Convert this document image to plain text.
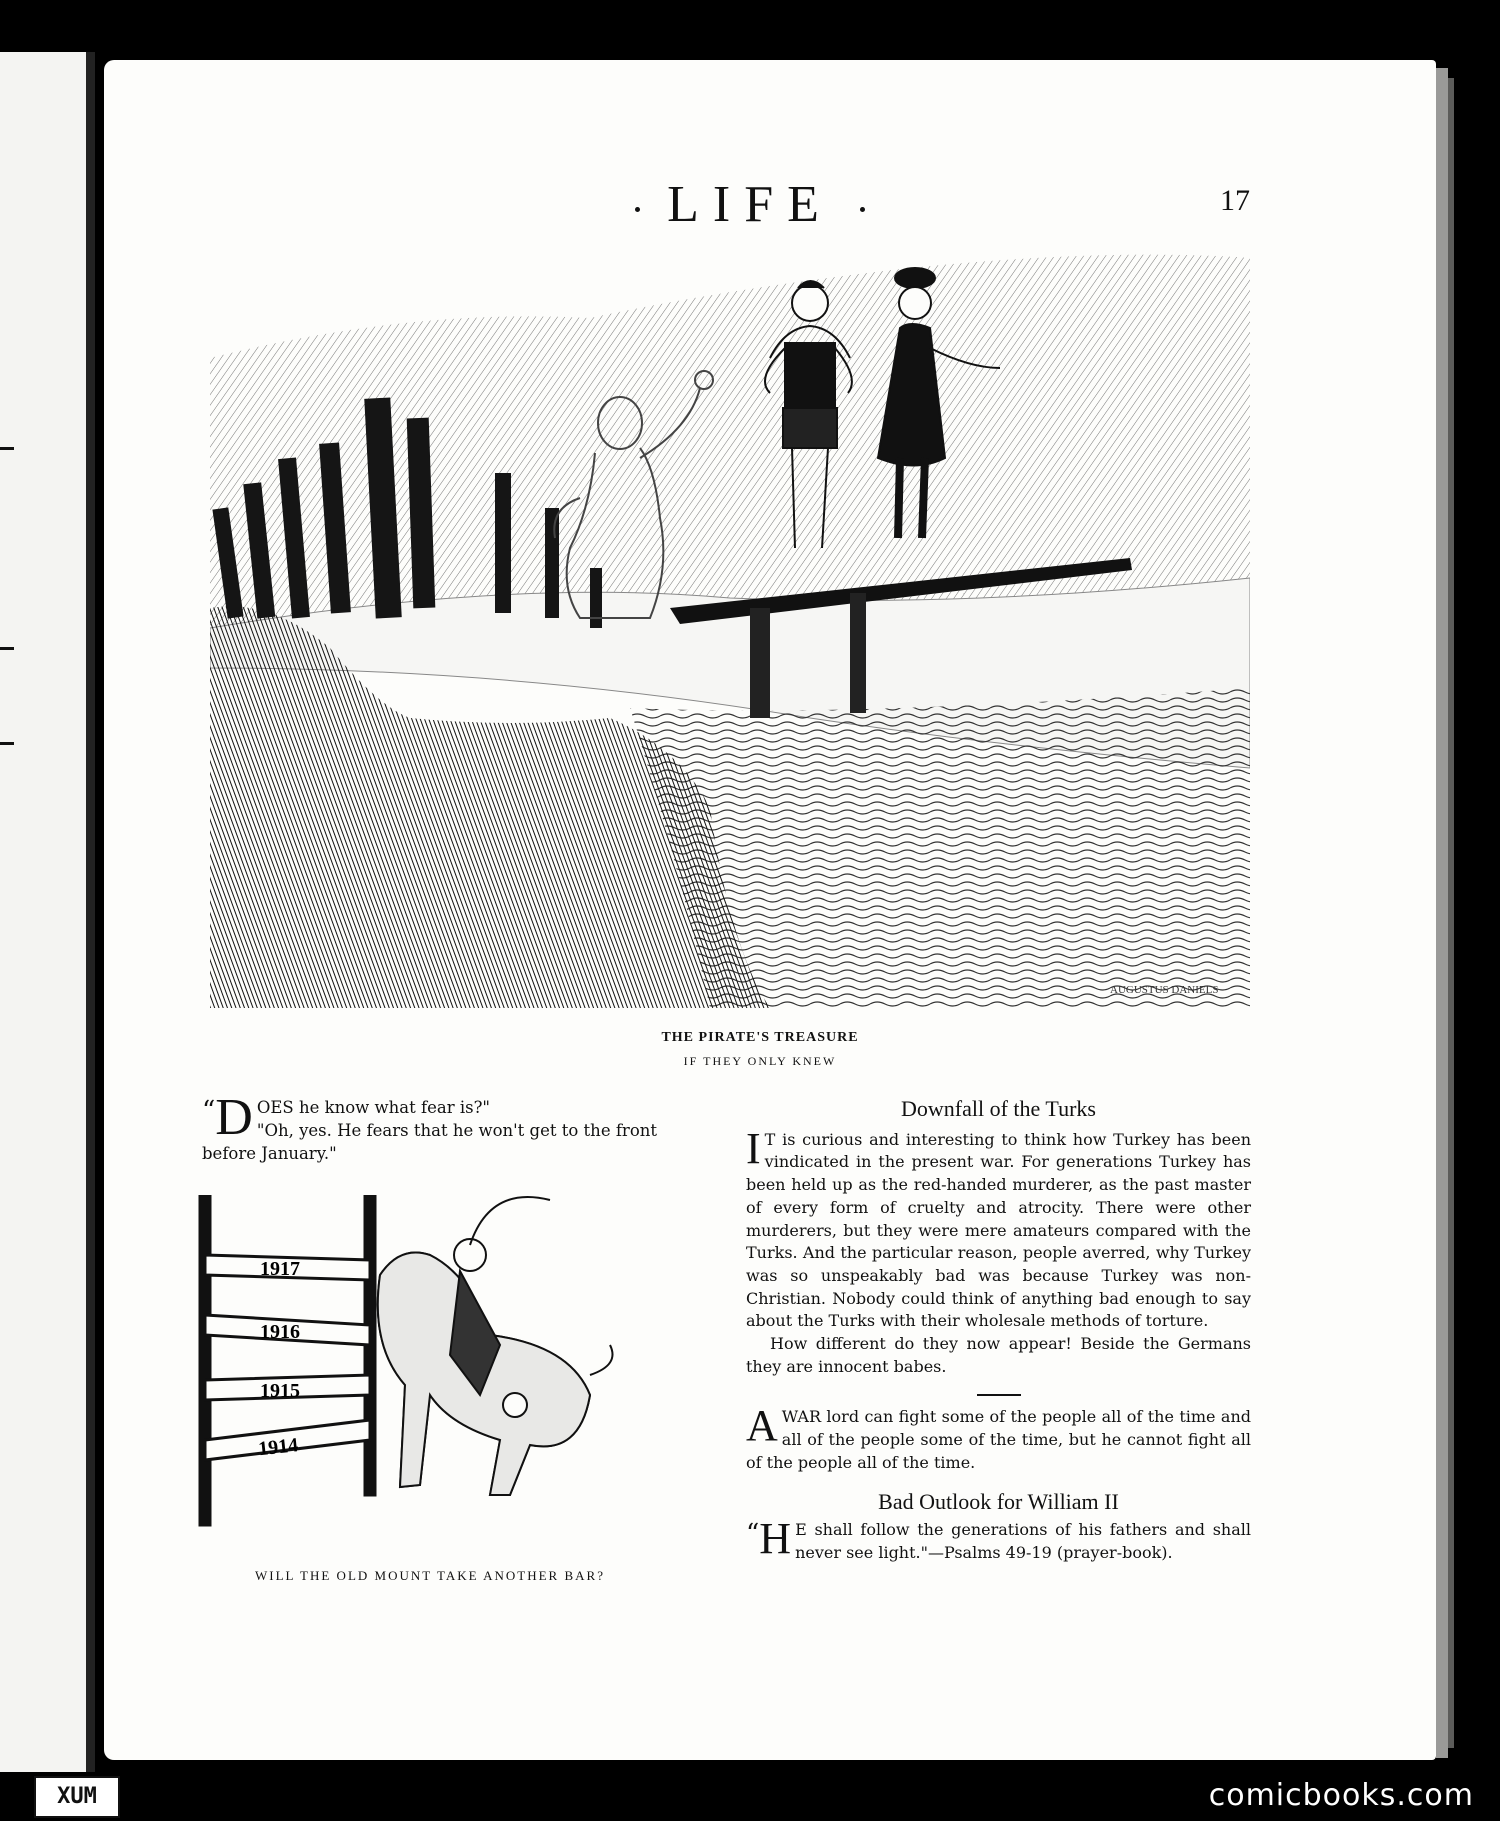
LIFE	17
AUGUSTUS DANIELS
THE PIRATE'S TREASURE
IF THEY ONLY KNEW
“ D OES he know what fear is?"
"Oh, yes. He fears that he won't get to the front before January."
1917
1916
1915
1914
WILL THE OLD MOUNT TAKE ANOTHER BAR?
Downfall of the Turks

I T is curious and interesting to think how Turkey has been vindicated in the present war. For generations Turkey has been held up as the red-handed murderer, as the past master of every form of cruelty and atrocity. There were other murderers, but they were mere amateurs compared with the Turks. And the particular reason, people averred, why Turkey was so unspeakably bad was because Turkey was non-Christian. Nobody could think of anything bad enough to say about the Turks with their wholesale methods of torture.

How different do they now appear! Beside the Germans they are innocent babes.

AWAR lord can fight some of the people all of the time and all of the people some of the time, but he cannot fight all of the people all of the time.

Bad Outlook for William II

“ H E shall follow the generations of his fathers and shall never see light."—Psalms 49-19 (prayer-book).

XUM	comicbooks.com
